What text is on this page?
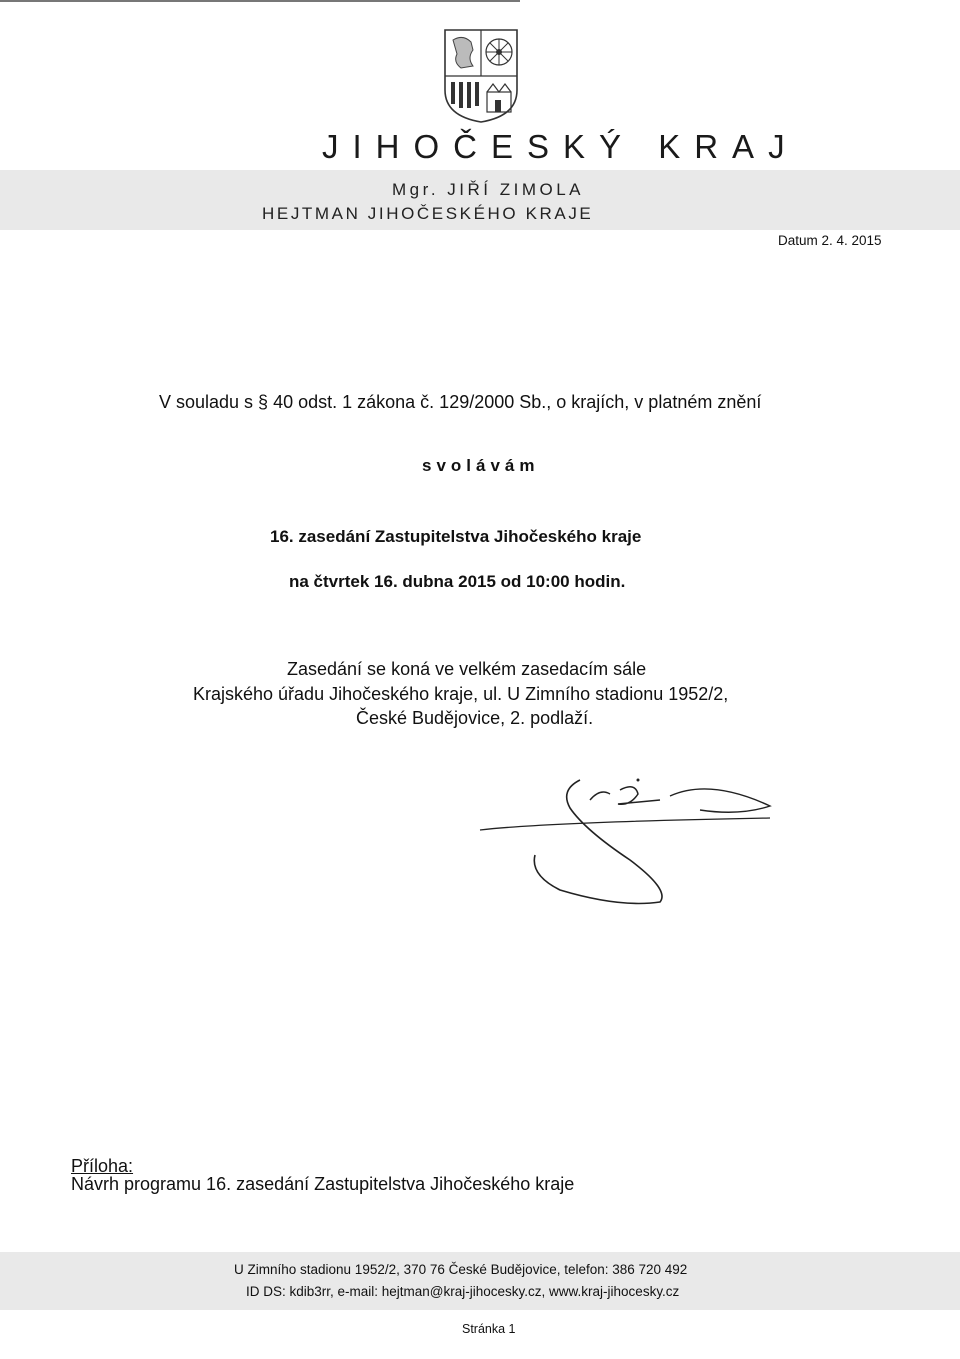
JIHOČESKÝ KRAJ
Mgr. JIŘÍ ZIMOLA
HEJTMAN JIHOČESKÉHO KRAJE
Datum 2. 4. 2015
V souladu s § 40 odst. 1 zákona č. 129/2000 Sb., o krajích, v platném znění
svolávám
16. zasedání Zastupitelstva Jihočeského kraje
na čtvrtek 16. dubna 2015 od 10:00 hodin.
Zasedání se koná ve velkém zasedacím sále
Krajského úřadu Jihočeského kraje, ul. U Zimního stadionu 1952/2,
České Budějovice, 2. podlaží.
Příloha:
Návrh programu 16. zasedání Zastupitelstva Jihočeského kraje
U Zimního stadionu 1952/2, 370 76 České Budějovice, telefon: 386 720 492
ID DS: kdib3rr, e-mail: hejtman@kraj-jihocesky.cz, www.kraj-jihocesky.cz
Stránka 1
